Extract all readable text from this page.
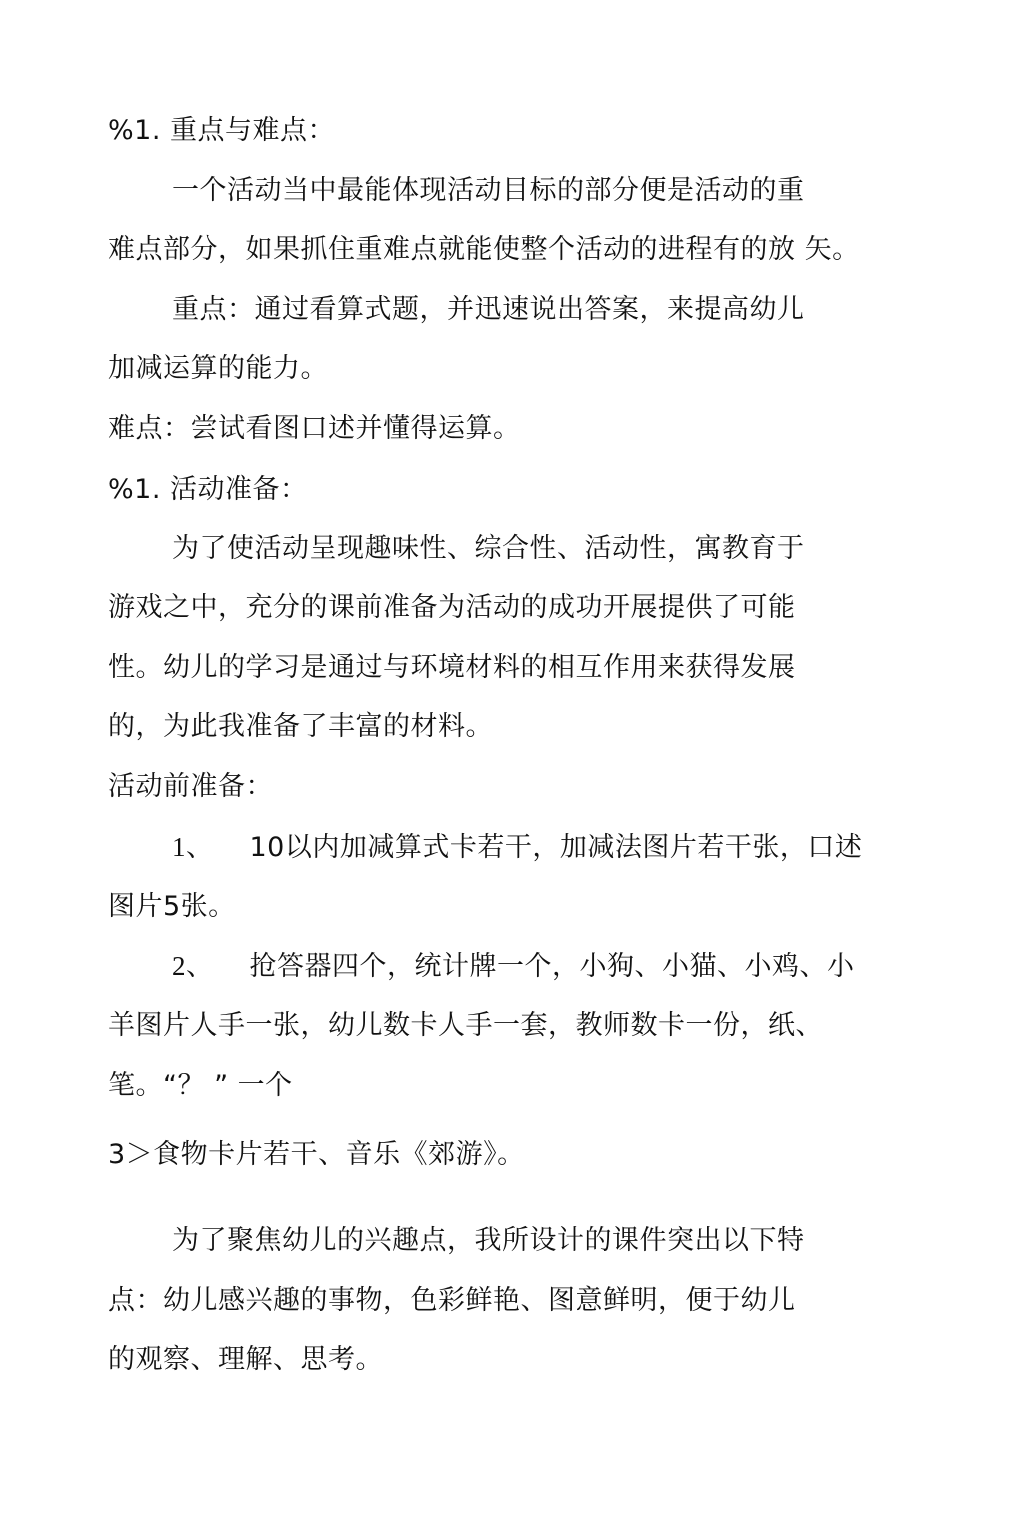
%1. 重点与难点：
一个活动当中最能体现活动目标的部分便是活动的重
难点部分，如果抓住重难点就能使整个活动的进程有的放 矢。
重点：通过看算式题，并迅速说出答案，来提高幼儿
加减运算的能力。
难点：尝试看图口述并懂得运算。
%1. 活动准备：
为了使活动呈现趣味性、综合性、活动性，寓教育于
游戏之中，充分的课前准备为活动的成功开展提供了可能
性。幼儿的学习是通过与环境材料的相互作用来获得发展
的，为此我准备了丰富的材料。
活动前准备：
1、 10以内加减算式卡若干，加减法图片若干张，口述
图片5张。
2、 抢答器四个，统计牌一个，小狗、小猫、小鸡、小
羊图片人手一张，幼儿数卡人手一套，教师数卡一份，纸、
笔。“？ ” 一个
3＞食物卡片若干、音乐《郊游》。
为了聚焦幼儿的兴趣点，我所设计的课件突出以下特
点：幼儿感兴趣的事物，色彩鲜艳、图意鲜明，便于幼儿
的观察、理解、思考。
